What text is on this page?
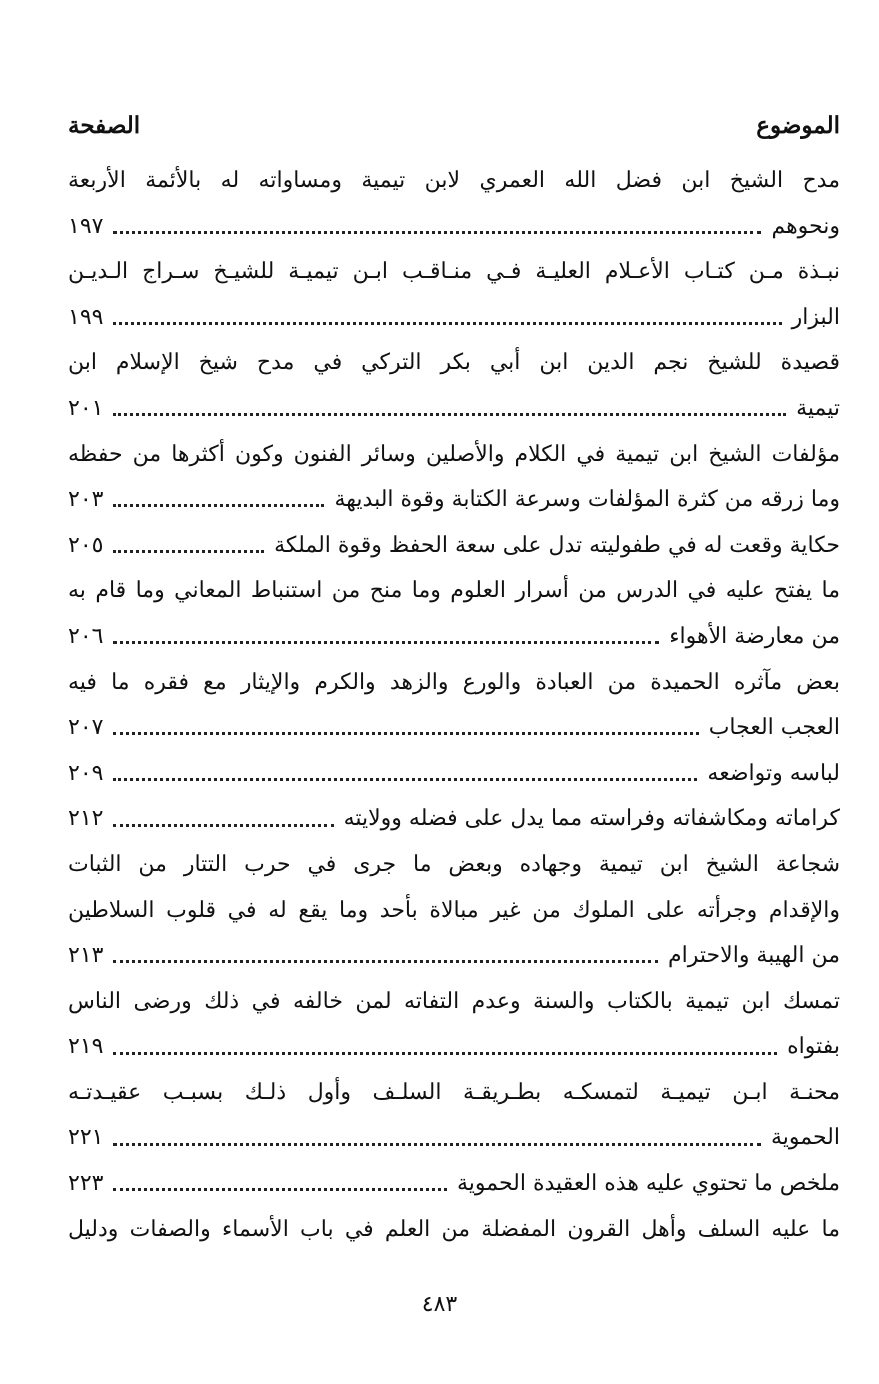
الموضوع
الصفحة
مدح الشيخ ابن فضل الله العمري لابن تيمية ومساواته له بالأئمة الأربعة
ونحوهم
١٩٧
نبـذة مـن كتـاب الأعـلام العليـة فـي منـاقـب ابـن تيميـة للشيـخ سـراج الـديـن
البزار
١٩٩
قصيدة للشيخ نجم الدين ابن أبي بكر التركي في مدح شيخ الإسلام ابن
تيمية
٢٠١
مؤلفات الشيخ ابن تيمية في الكلام والأصلين وسائر الفنون وكون أكثرها من حفظه
وما زرقه من كثرة المؤلفات وسرعة الكتابة وقوة البديهة
٢٠٣
حكاية وقعت له في طفوليته تدل على سعة الحفظ وقوة الملكة
٢٠٥
ما يفتح عليه في الدرس من أسرار العلوم وما منح من استنباط المعاني وما قام به
من معارضة الأهواء
٢٠٦
بعض مآثره الحميدة من العبادة والورع والزهد والكرم والإيثار مع فقره ما فيه
العجب العجاب
٢٠٧
لباسه وتواضعه
٢٠٩
كراماته ومكاشفاته وفراسته مما يدل على فضله وولايته
٢١٢
شجاعة الشيخ ابن تيمية وجهاده وبعض ما جرى في حرب التتار من الثبات
والإقدام وجرأته على الملوك من غير مبالاة بأحد وما يقع له في قلوب السلاطين
من الهيبة والاحترام
٢١٣
تمسك ابن تيمية بالكتاب والسنة وعدم التفاته لمن خالفه في ذلك ورضى الناس
بفتواه
٢١٩
محنـة ابـن تيميـة لتمسكـه بطـريقـة السلـف وأول ذلـك بسبـب عقيـدتـه
الحموية
٢٢١
ملخص ما تحتوي عليه هذه العقيدة الحموية
٢٢٣
ما عليه السلف وأهل القرون المفضلة من العلم في باب الأسماء والصفات ودليل
٤٨٣
